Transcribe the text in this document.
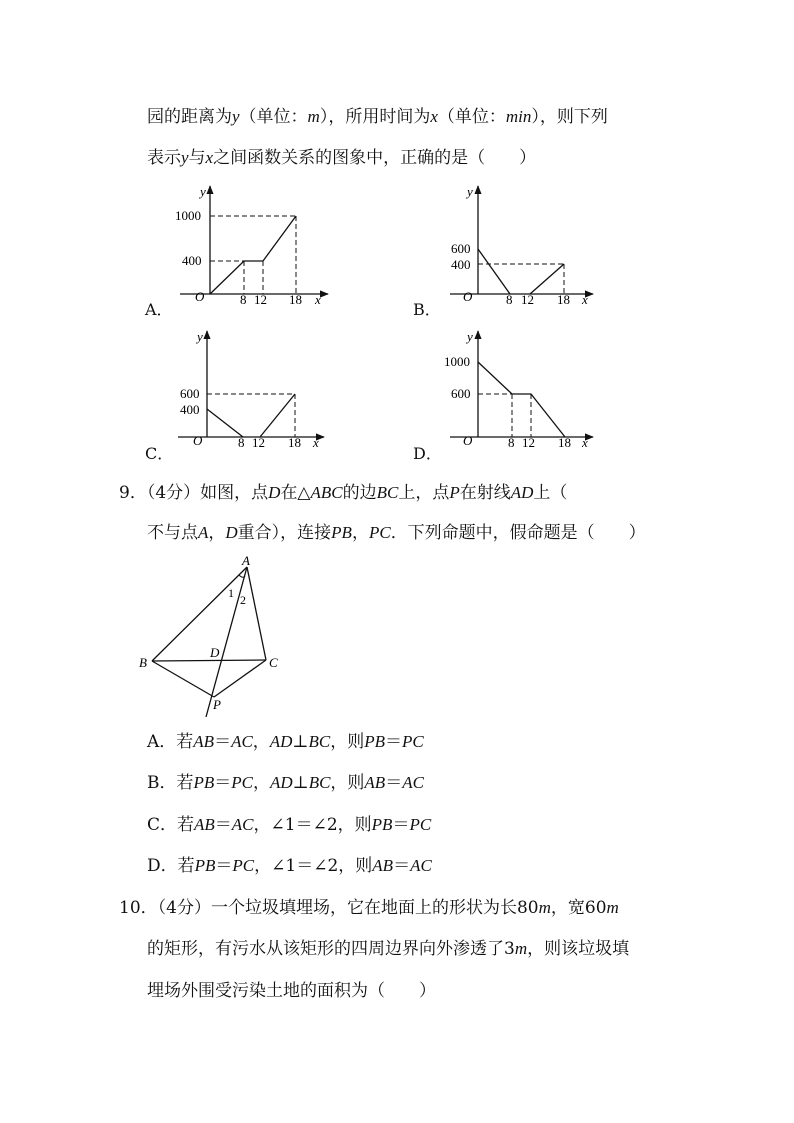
园的距离为y（单位：m），所用时间为x（单位：min），则下列
表示y与x之间函数关系的图象中，正确的是（　　）
y
x
O
1000
400
8 12 18
A．
y
x
O
600
400
8 12 18
B．
y
x
O
600
400
8 12 18
C．
y
x
O
1000
600
8 12 18
D．
9．（4分）如图，点D在△ABC的边BC上，点P在射线AD上（
不与点A，D重合），连接PB，PC．下列命题中，假命题是（　　）
A
B	C
D
P
1 2
A．若AB＝AC，AD⊥BC，则PB＝PC
B．若PB＝PC，AD⊥BC，则AB＝AC
C．若AB＝AC，∠1＝∠2，则PB＝PC
D．若PB＝PC，∠1＝∠2，则AB＝AC
10．（4分）一个垃圾填埋场，它在地面上的形状为长80m，宽60m
的矩形，有污水从该矩形的四周边界向外渗透了3m，则该垃圾填
埋场外围受污染土地的面积为（　　）
